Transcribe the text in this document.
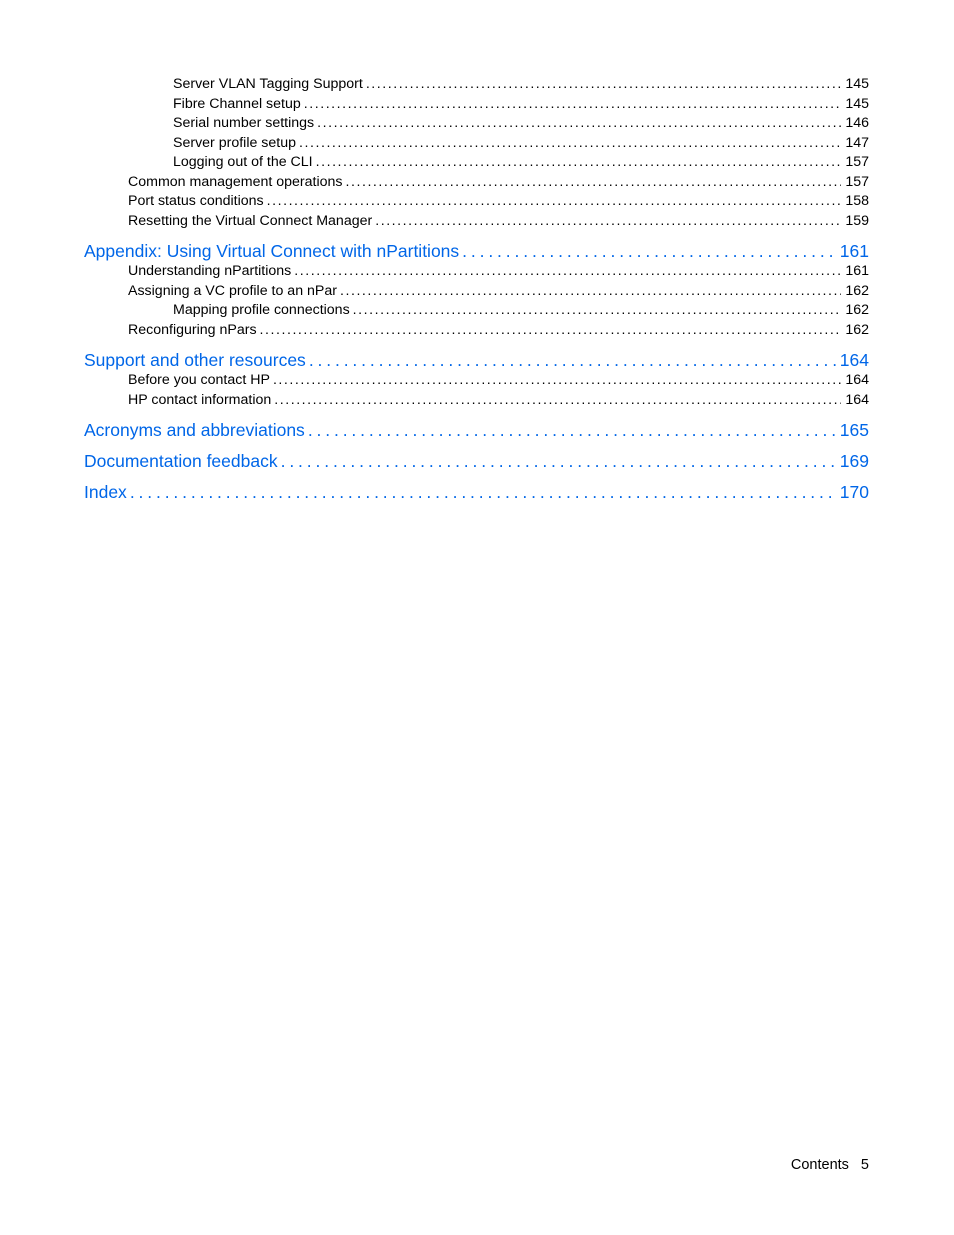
Server VLAN Tagging Support . . .	145
Fibre Channel setup . . .	145
Serial number settings . . .	146
Server profile setup . . .	147
Logging out of the CLI . . .	157
Common management operations . . .	157
Port status conditions . . .	158
Resetting the Virtual Connect Manager . . .	159
Appendix: Using Virtual Connect with nPartitions . . .	161
Understanding nPartitions . . .	161
Assigning a VC profile to an nPar . . .	162
Mapping profile connections . . .	162
Reconfiguring nPars . . .	162
Support and other resources . . .	164
Before you contact HP . . .	164
HP contact information . . .	164
Acronyms and abbreviations . . .	165
Documentation feedback . . .	169
Index . . .	170
Contents 5
